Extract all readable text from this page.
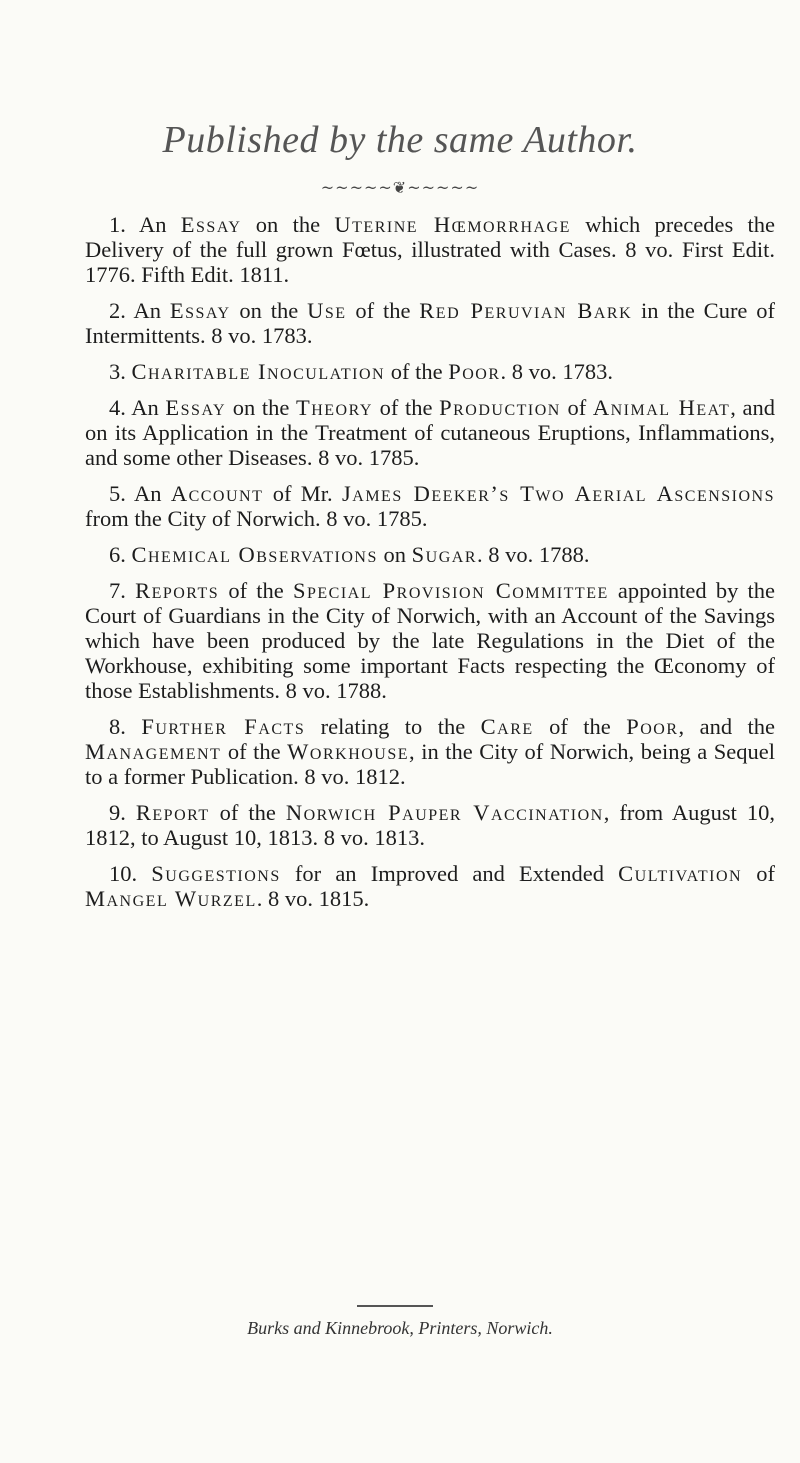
Published by the same Author.
~~~~~❦~~~~~

1. An Essay on the Uterine Hœmorrhage which precedes the Delivery of the full grown Fœtus, illustrated with Cases. 8 vo. First Edit. 1776. Fifth Edit. 1811.

2. An Essay on the Use of the Red Peruvian Bark in the Cure of Intermittents. 8 vo. 1783.

3. Charitable Inoculation of the Poor. 8 vo. 1783.

4. An Essay on the Theory of the Production of Animal Heat, and on its Application in the Treatment of cutaneous Eruptions, Inflammations, and some other Diseases. 8 vo. 1785.

5. An Account of Mr. James Deeker’s Two Aerial Ascensions from the City of Norwich. 8 vo. 1785.

6. Chemical Observations on Sugar. 8 vo. 1788.

7. Reports of the Special Provision Committee appointed by the Court of Guardians in the City of Norwich, with an Account of the Savings which have been produced by the late Regulations in the Diet of the Workhouse, exhibiting some important Facts respecting the Œconomy of those Establishments. 8 vo. 1788.

8. Further Facts relating to the Care of the Poor, and the Management of the Workhouse, in the City of Norwich, being a Sequel to a former Publication. 8 vo. 1812.

9. Report of the Norwich Pauper Vaccination, from August 10, 1812, to August 10, 1813. 8 vo. 1813.

10. Suggestions for an Improved and Extended Cultivation of Mangel Wurzel. 8 vo. 1815.

Burks and Kinnebrook, Printers, Norwich.
